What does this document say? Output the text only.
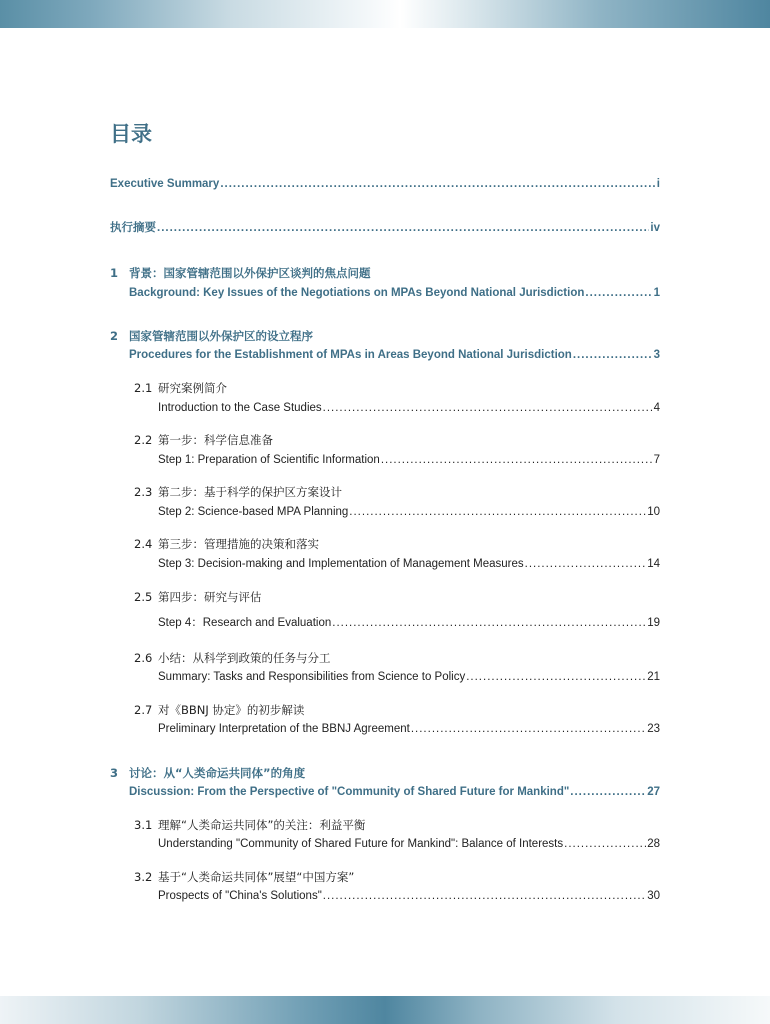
目录
Executive Summary .....	i
执行摘要 .....	iv
1 背景：国家管辖范围以外保护区谈判的焦点问题
Background: Key Issues of the Negotiations on MPAs Beyond National Jurisdiction .....	1
2 国家管辖范围以外保护区的设立程序
Procedures for the Establishment of MPAs in Areas Beyond National Jurisdiction .....	3
2.1 研究案例简介
Introduction to the Case Studies .....	4
2.2 第一步：科学信息准备
Step 1: Preparation of Scientific Information .....	7
2.3 第二步：基于科学的保护区方案设计
Step 2: Science-based MPA Planning .....	10
2.4 第三步：管理措施的决策和落实
Step 3: Decision-making and Implementation of Management Measures .....	14
2.5 第四步：研究与评估
Step 4：Research and Evaluation .....	19
2.6 小结：从科学到政策的任务与分工
Summary: Tasks and Responsibilities from Science to Policy .....	21
2.7 对《BBNJ 协定》的初步解读
Preliminary Interpretation of the BBNJ Agreement .....	23
3 讨论：从“人类命运共同体”的角度
Discussion: From the Perspective of "Community of Shared Future for Mankind" .....	27
3.1 理解“人类命运共同体”的关注：利益平衡
Understanding "Community of Shared Future for Mankind": Balance of Interests .....	28
3.2 基于“人类命运共同体”展望“中国方案”
Prospects of "China's Solutions" .....	30
